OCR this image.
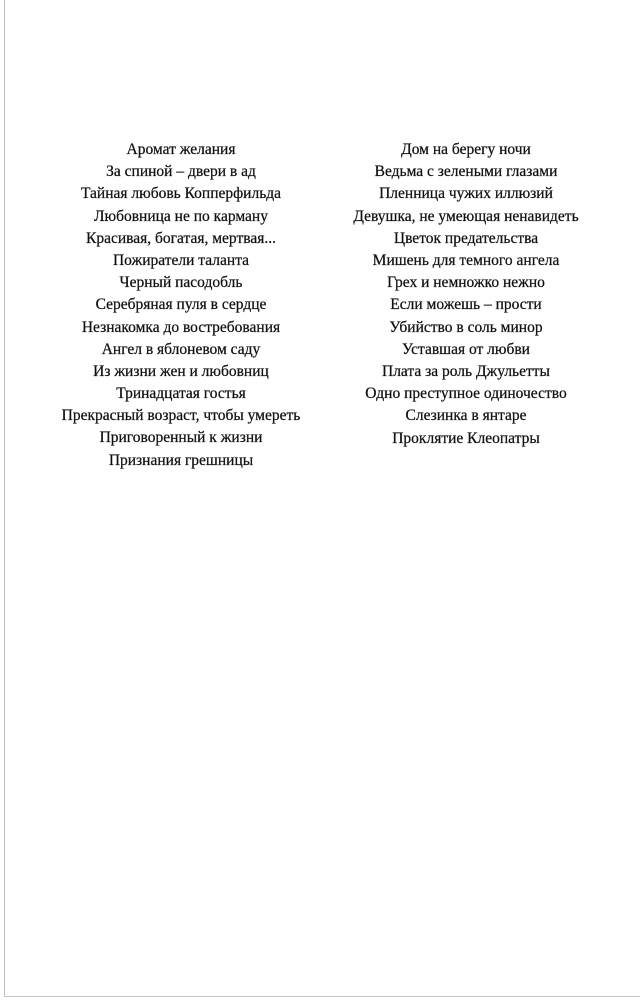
Аромат желания
За спиной – двери в ад
Тайная любовь Копперфильда
Любовница не по карману
Красивая, богатая, мертвая...
Пожиратели таланта
Черный пасодобль
Серебряная пуля в сердце
Незнакомка до востребования
Ангел в яблоневом саду
Из жизни жен и любовниц
Тринадцатая гостья
Прекрасный возраст, чтобы умереть
Приговоренный к жизни
Признания грешницы
Дом на берегу ночи
Ведьма с зелеными глазами
Пленница чужих иллюзий
Девушка, не умеющая ненавидеть
Цветок предательства
Мишень для темного ангела
Грех и немножко нежно
Если можешь – прости
Убийство в соль минор
Уставшая от любви
Плата за роль Джульетты
Одно преступное одиночество
Слезинка в янтаре
Проклятие Клеопатры
